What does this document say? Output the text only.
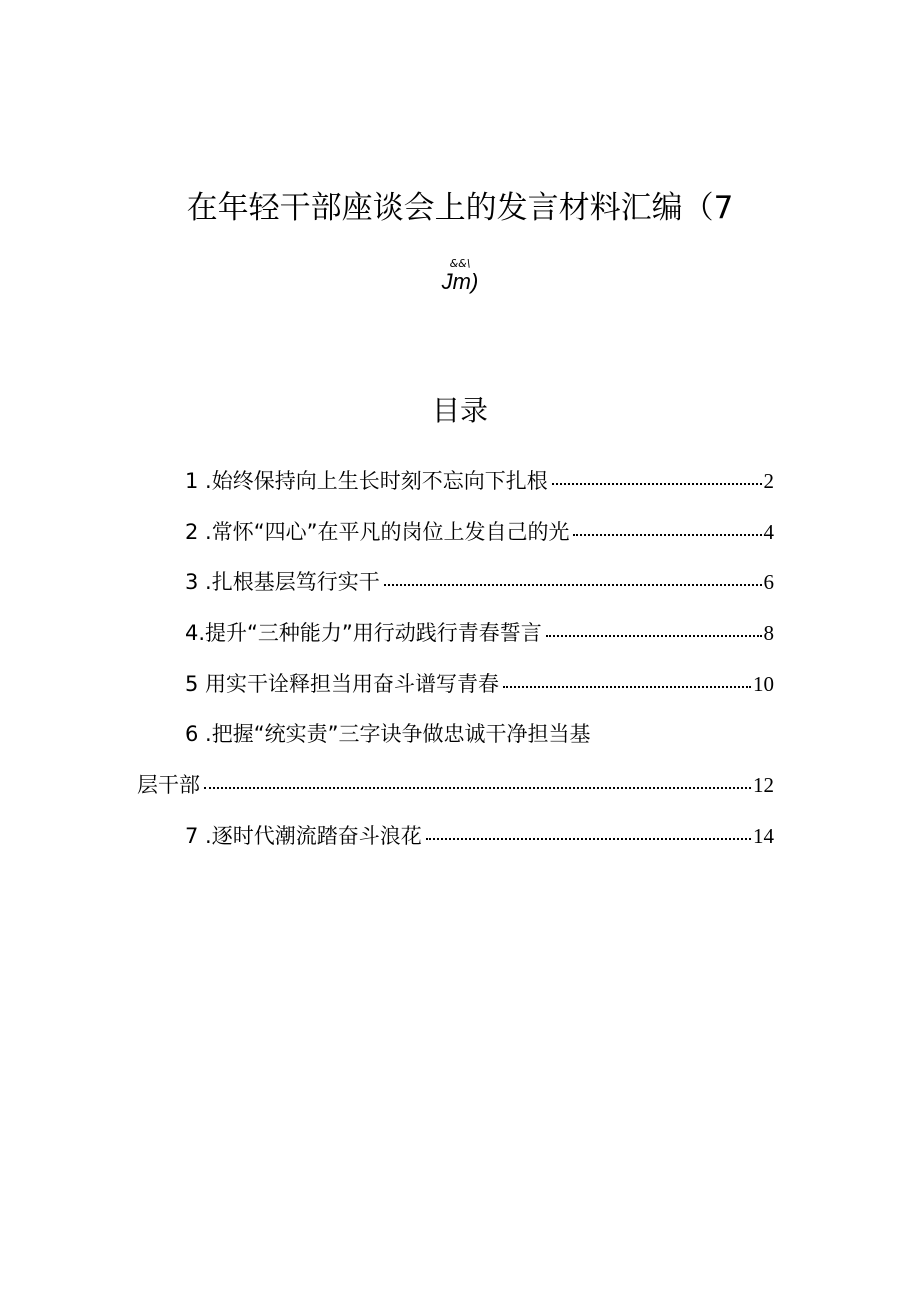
在年轻干部座谈会上的发言材料汇编（7
&&\
Jm)
目录
1 .始终保持向上生长时刻不忘向下扎根	2
2 .常怀“四心”在平凡的岗位上发自己的光	4
3 .扎根基层笃行实干	6
4.提升“三种能力”用行动践行青春誓言	8
5 用实干诠释担当用奋斗谱写青春	10
6 .把握“统实责”三字诀争做忠诚干净担当基
层干部	12
7 .逐时代潮流踏奋斗浪花	14
